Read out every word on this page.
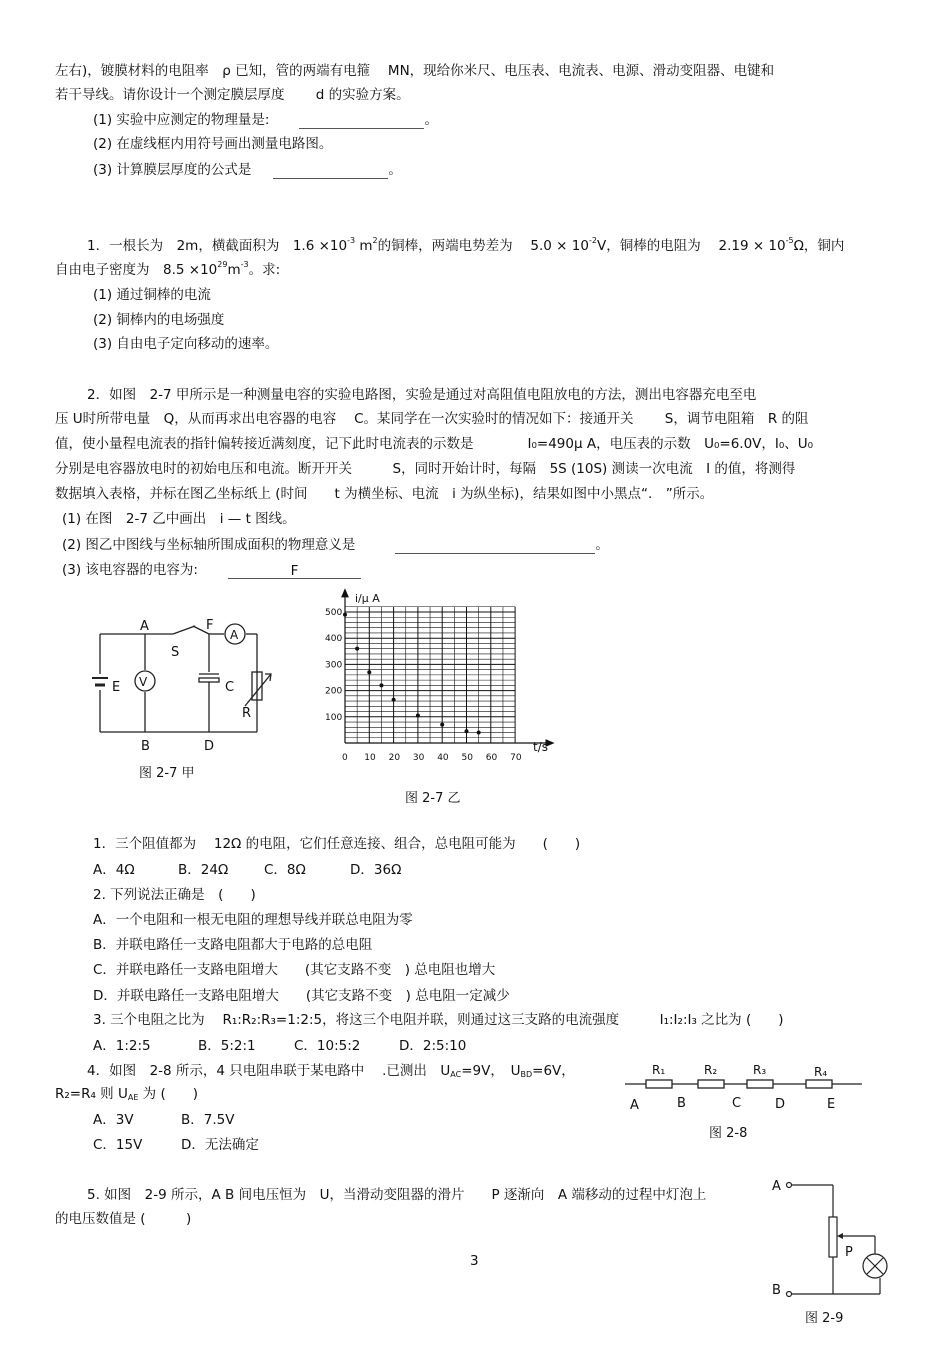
左右)，镀膜材料的电阻率　ρ 已知，管的两端有电箍　 MN，现给你米尺、电压表、电流表、电源、滑动变阻器、电键和
若干导线。请你设计一个测定膜层厚度　　 d 的实验方案。
(1) 实验中应测定的物理量是:	。
(2) 在虚线框内用符号画出测量电路图。
(3) 计算膜层厚度的公式是	。
1．一根长为　2m，横截面积为　$1.6 \times 10^{-3}$ $m^2$的铜棒，两端电势差为　 $5.0 \times 10^{-2}V$，铜棒的电阻为　 $2.19 \times 10^{-5}\Omega$，铜内
自由电子密度为　$8.5 \times 10^{29}m^{-3}$。求:
(1) 通过铜棒的电流
(2) 铜棒内的电场强度
(3) 自由电子定向移动的速率。
2．如图　2-7 甲所示是一种测量电容的实验电路图，实验是通过对高阻值电阻放电的方法，测出电容器充电至电
压 U时所带电量　Q，从而再求出电容器的电容　 C。某同学在一次实验时的情况如下：接通开关　　 S，调节电阻箱　R 的阻
值，使小量程电流表的指针偏转接近满刻度，记下此时电流表的示数是　　　　I₀=490μ A，电压表的示数　U₀=6.0V，I₀、U₀
分别是电容器放电时的初始电压和电流。断开开关　　　S，同时开始计时，每隔　5S (10S) 测读一次电流　I 的值，将测得
数据填入表格，并标在图乙坐标纸上 (时间　　t 为横坐标、电流　i 为纵坐标)，结果如图中小黑点“.　”所示。
(1) 在图　2-7 乙中画出　i — t 图线。
(2) 图乙中图线与坐标轴所围成面积的物理意义是	。
(3) 该电容器的电容为:	F
A	F
S
E V
A
C
R
B	D
图 2-7 甲
0 10 20 30 40 50 60 70
100
200
300
400
500
i/μ A
t/s
图 2-7 乙
1．三个阻值都为　 12Ω 的电阻，它们任意连接、组合，总电阻可能为　　(　　)
A．4Ω	B．24Ω	C．8Ω	D．36Ω
2. 下列说法正确是　(　　)
A．一个电阻和一根无电阻的理想导线并联总电阻为零
B．并联电路任一支路电阻都大于电路的总电阻
C．并联电路任一支路电阻增大　　(其它支路不变　) 总电阻也增大
D．并联电路任一支路电阻增大　　(其它支路不变　) 总电阻一定减少
3. 三个电阻之比为　 R₁:R₂:R₃=1:2:5，将这三个电阻并联，则通过这三支路的电流强度　　　I₁:I₂:I₃ 之比为 (　　)
A．1:2:5	B．5:2:1	C．10:5:2	D．2:5:10
4．如图　2-8 所示，4 只电阻串联于某电路中　 .已测出　$U_{AC}=9V$，　$U_{BD}=6V$，
R₂=R₄ 则 $U_{AE}$ 为 (　　)
A．3V	B．7.5V
C．15V	D．无法确定
5. 如图　2-9 所示，A B 间电压恒为　U，当滑动变阻器的滑片　　P 逐渐向　A 端移动的过程中灯泡上
的电压数值是 (　　　)
R₁	R₂	R₃	R₄
A	B	C	D	E
图 2-8
A
B
P
图 2-9
3
